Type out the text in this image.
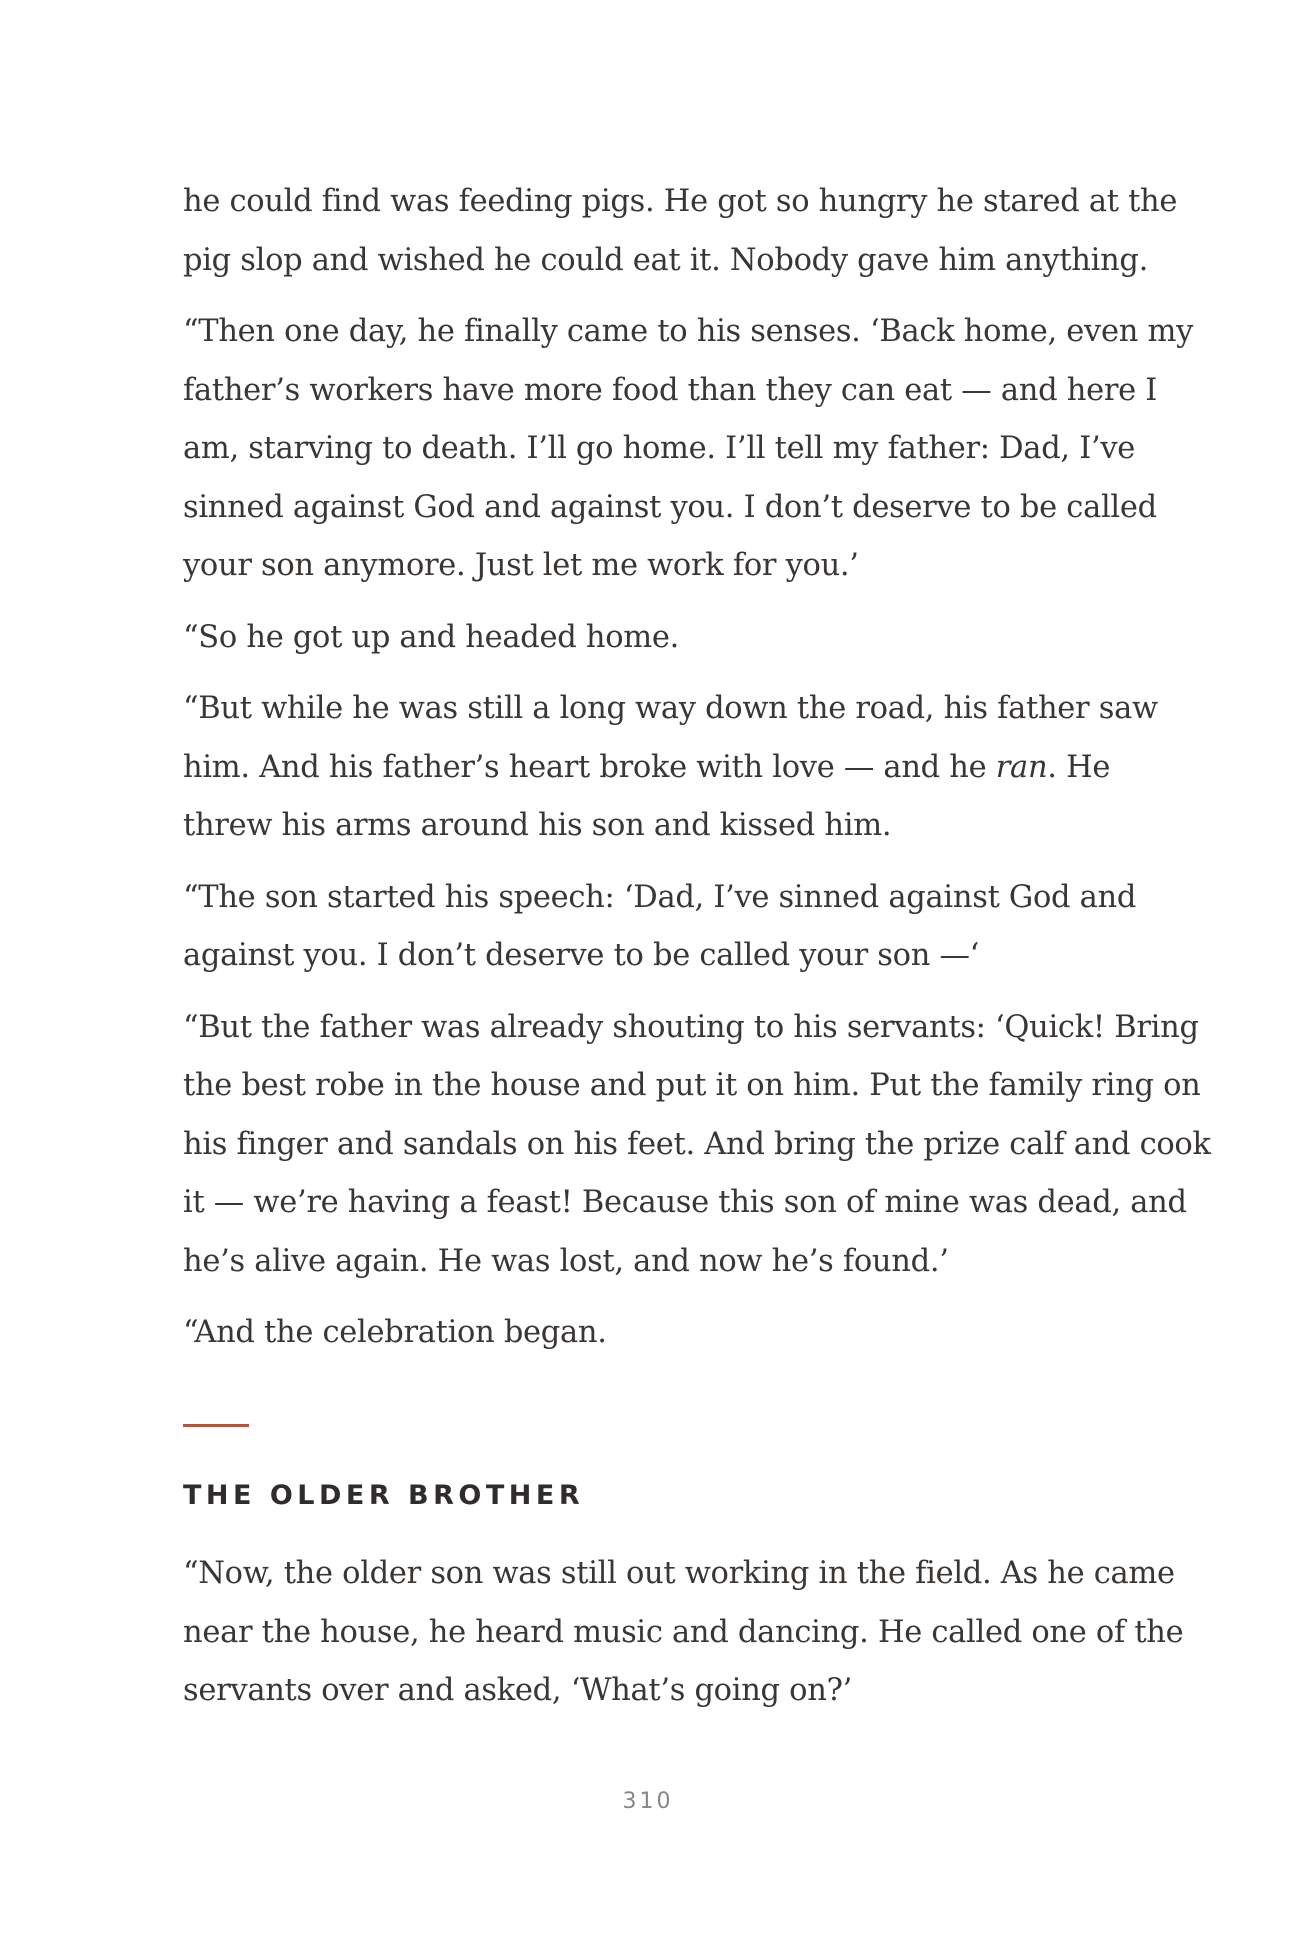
he could find was feeding pigs. He got so hungry he stared at the
pig slop and wished he could eat it. Nobody gave him anything.

“Then one day, he finally came to his senses. ‘Back home, even my
father’s workers have more food than they can eat — and here I
am, starving to death. I’ll go home. I’ll tell my father: Dad, I’ve
sinned against God and against you. I don’t deserve to be called
your son anymore. Just let me work for you.’

“So he got up and headed home.

“But while he was still a long way down the road, his father saw
him. And his father’s heart broke with love — and he ran. He
threw his arms around his son and kissed him.

“The son started his speech: ‘Dad, I’ve sinned against God and
against you. I don’t deserve to be called your son —‘

“But the father was already shouting to his servants: ‘Quick! Bring
the best robe in the house and put it on him. Put the family ring on
his finger and sandals on his feet. And bring the prize calf and cook
it — we’re having a feast! Because this son of mine was dead, and
he’s alive again. He was lost, and now he’s found.’

“And the celebration began.

THE OLDER BROTHER

“Now, the older son was still out working in the field. As he came
near the house, he heard music and dancing. He called one of the
servants over and asked, ‘What’s going on?’

310
